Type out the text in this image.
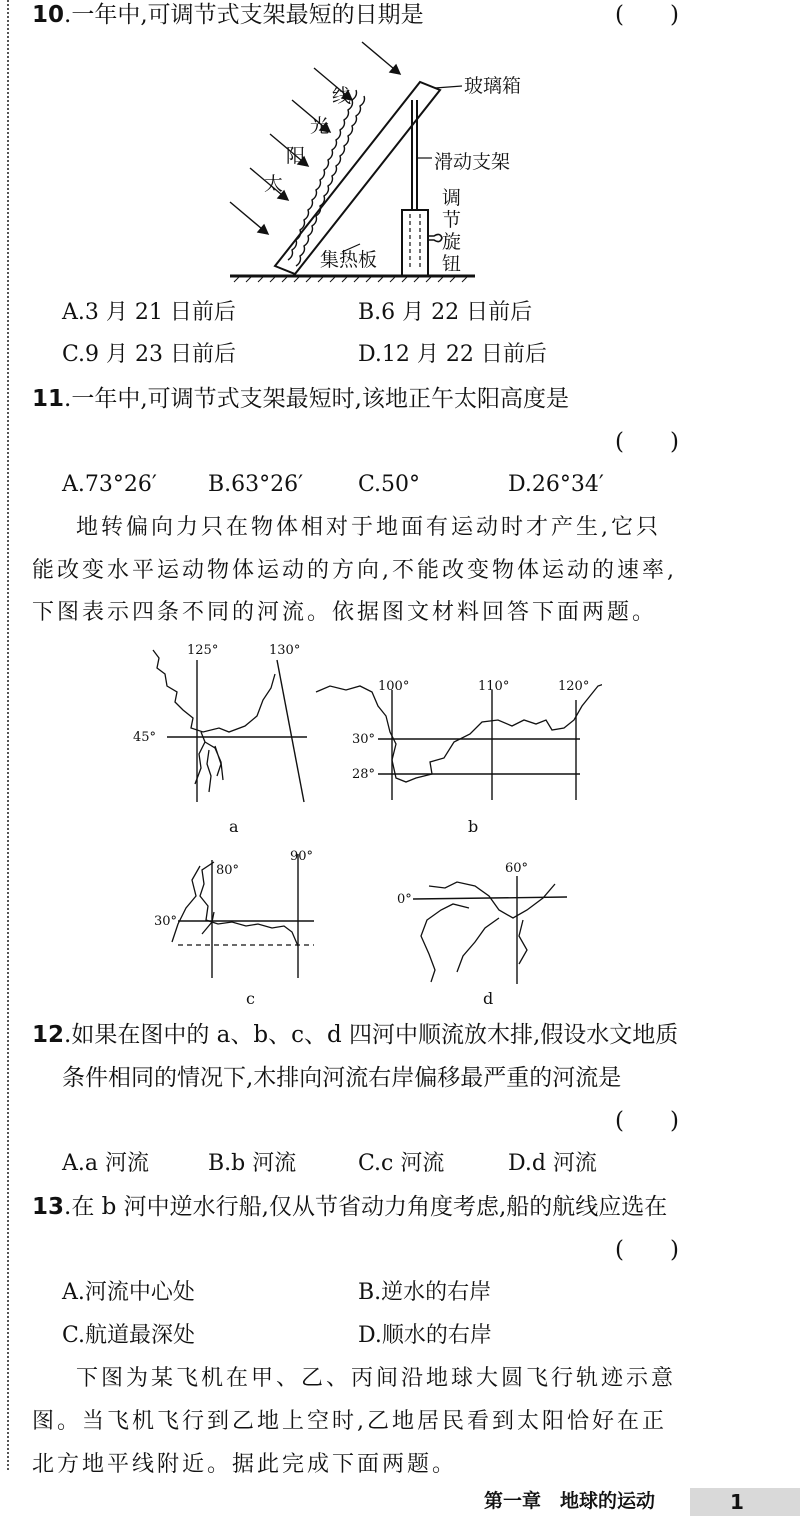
10.一年中,可调节式支架最短的日期是	(　　)
太
阳
光
线	玻璃箱
滑动支架
调
节
旋
钮
集热板
A.3 月 21 日前后	B.6 月 22 日前后
C.9 月 23 日前后	D.12 月 22 日前后
11.一年中,可调节式支架最短时,该地正午太阳高度是
(　　)
A.73°26′ B.63°26′ C.50°	D.26°34′
地转偏向力只在物体相对于地面有运动时才产生,它只
能改变水平运动物体运动的方向,不能改变物体运动的速率,
下图表示四条不同的河流。依据图文材料回答下面两题。
125°	130°
45°
a
100°	110°	120°
30°
28°
b
80°
90°
30°
c
60°
0°
d
12.如果在图中的 a、b、c、d 四河中顺流放木排,假设水文地质
条件相同的情况下,木排向河流右岸偏移最严重的河流是
(　　)
A.a 河流	B.b 河流	C.c 河流	D.d 河流
13.在 b 河中逆水行船,仅从节省动力角度考虑,船的航线应选在
(　　)
A.河流中心处	B.逆水的右岸
C.航道最深处	D.顺水的右岸
下图为某飞机在甲、乙、丙间沿地球大圆飞行轨迹示意
图。当飞机飞行到乙地上空时,乙地居民看到太阳恰好在正
北方地平线附近。据此完成下面两题。
第一章　地球的运动	1
